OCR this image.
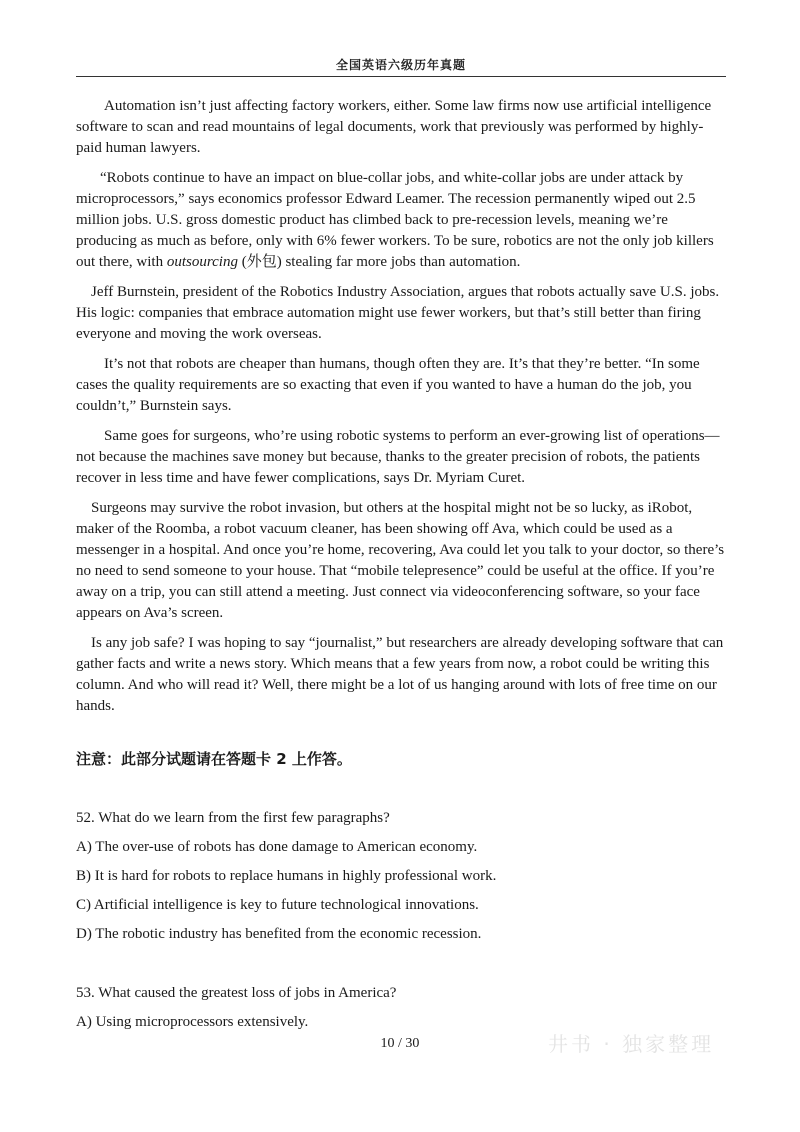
全国英语六级历年真题

Automation isn’t just affecting factory workers, either. Some law firms now use artificial intelligence software to scan and read mountains of legal documents, work that previously was performed by highly-paid human lawyers.

“Robots continue to have an impact on blue-collar jobs, and white-collar jobs are under attack by microprocessors,” says economics professor Edward Leamer. The recession permanently wiped out 2.5 million jobs. U.S. gross domestic product has climbed back to pre-recession levels, meaning we’re producing as much as before, only with 6% fewer workers. To be sure, robotics are not the only job killers out there, with outsourcing (外包) stealing far more jobs than automation.

Jeff Burnstein, president of the Robotics Industry Association, argues that robots actually save U.S. jobs. His logic: companies that embrace automation might use fewer workers, but that’s still better than firing everyone and moving the work overseas.

It’s not that robots are cheaper than humans, though often they are. It’s that they’re better. “In some cases the quality requirements are so exacting that even if you wanted to have a human do the job, you couldn’t,” Burnstein says.

Same goes for surgeons, who’re using robotic systems to perform an ever-growing list of operations—not because the machines save money but because, thanks to the greater precision of robots, the patients recover in less time and have fewer complications, says Dr. Myriam Curet.

Surgeons may survive the robot invasion, but others at the hospital might not be so lucky, as iRobot, maker of the Roomba, a robot vacuum cleaner, has been showing off Ava, which could be used as a messenger in a hospital. And once you’re home, recovering, Ava could let you talk to your doctor, so there’s no need to send someone to your house. That “mobile telepresence” could be useful at the office. If you’re away on a trip, you can still attend a meeting. Just connect via videoconferencing software, so your face appears on Ava’s screen.

Is any job safe? I was hoping to say “journalist,” but researchers are already developing software that can gather facts and write a news story. Which means that a few years from now, a robot could be writing this column. And who will read it? Well, there might be a lot of us hanging around with lots of free time on our hands.

注意：此部分试题请在答题卡 2 上作答。
52. What do we learn from the first few paragraphs?
A) The over-use of robots has done damage to American economy.
B) It is hard for robots to replace humans in highly professional work.
C) Artificial intelligence is key to future technological innovations.
D) The robotic industry has benefited from the economic recession.
53. What caused the greatest loss of jobs in America?
A) Using microprocessors extensively.
10 / 30	井书 · 独家整理
